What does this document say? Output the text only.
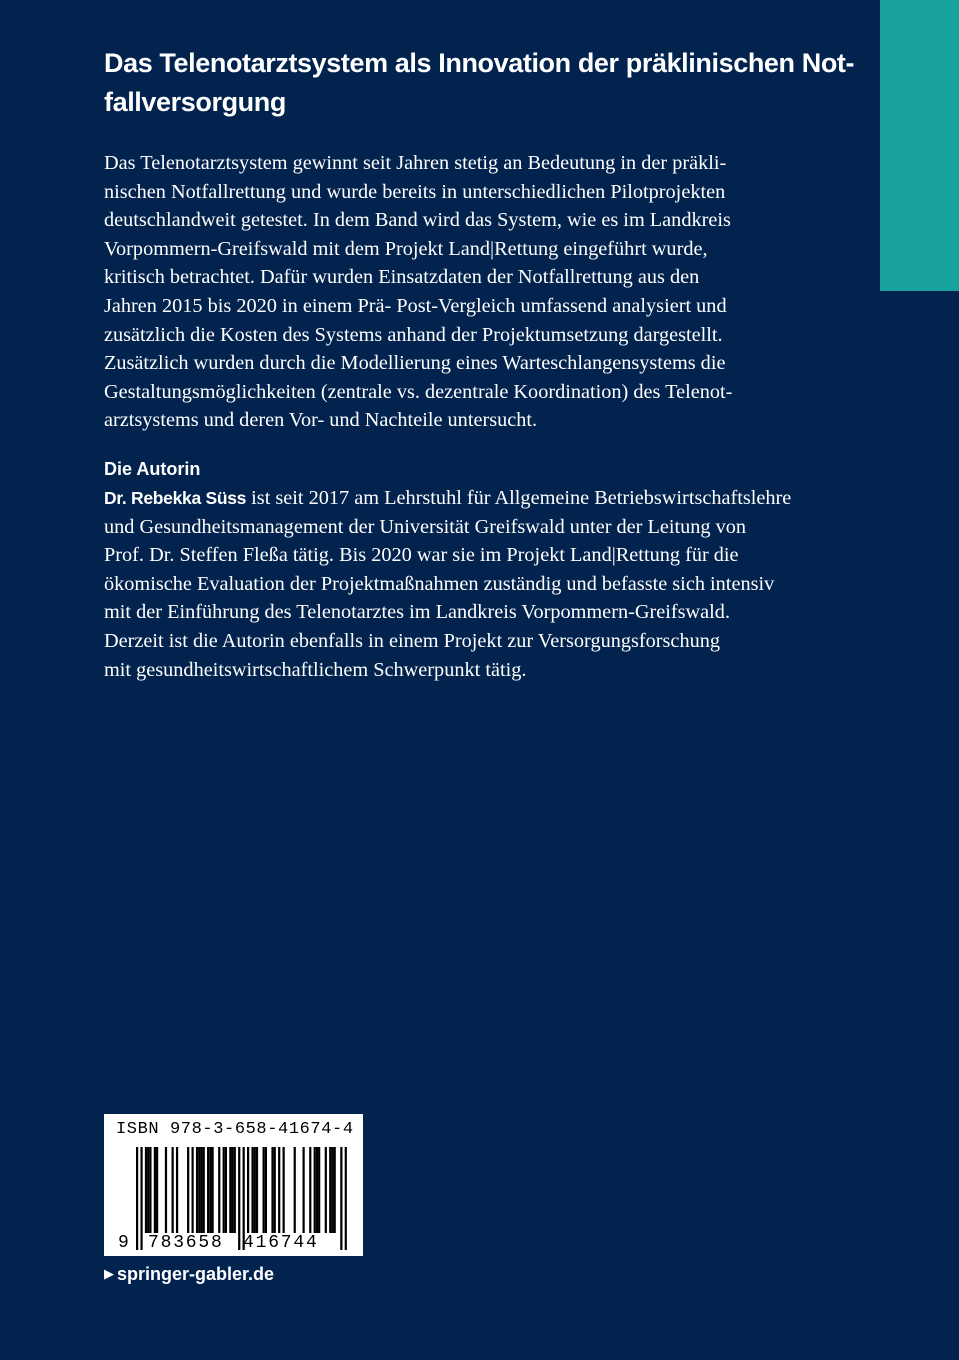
Das Telenotarztsystem als Innovation der präklinischen Not-
fallversorgung
Das Telenotarztsystem gewinnt seit Jahren stetig an Bedeutung in der präkli-
nischen Notfallrettung und wurde bereits in unterschiedlichen Pilotprojekten
deutschlandweit getestet. In dem Band wird das System, wie es im Landkreis
Vorpommern-Greifswald mit dem Projekt Land|Rettung eingeführt wurde,
kritisch betrachtet. Dafür wurden Einsatzdaten der Notfallrettung aus den
Jahren 2015 bis 2020 in einem Prä- Post-Vergleich umfassend analysiert und
zusätzlich die Kosten des Systems anhand der Projektumsetzung dargestellt.
Zusätzlich wurden durch die Modellierung eines Warteschlangensystems die
Gestaltungsmöglichkeiten (zentrale vs. dezentrale Koordination) des Telenot-
arztsystems und deren Vor- und Nachteile untersucht.
Die Autorin
Dr. Rebekka Süss ist seit 2017 am Lehrstuhl für Allgemeine Betriebswirtschaftslehre
und Gesundheitsmanagement der Universität Greifswald unter der Leitung von
Prof. Dr. Steffen Fleßa tätig. Bis 2020 war sie im Projekt Land|Rettung für die
ökomische Evaluation der Projektmaßnahmen zuständig und befasste sich intensiv
mit der Einführung des Telenotarztes im Landkreis Vorpommern-Greifswald.
Derzeit ist die Autorin ebenfalls in einem Projekt zur Versorgungsforschung
mit gesundheitswirtschaftlichem Schwerpunkt tätig.
ISBN 978-3-658-41674-4
9 783658 416744
▶ springer-gabler.de
